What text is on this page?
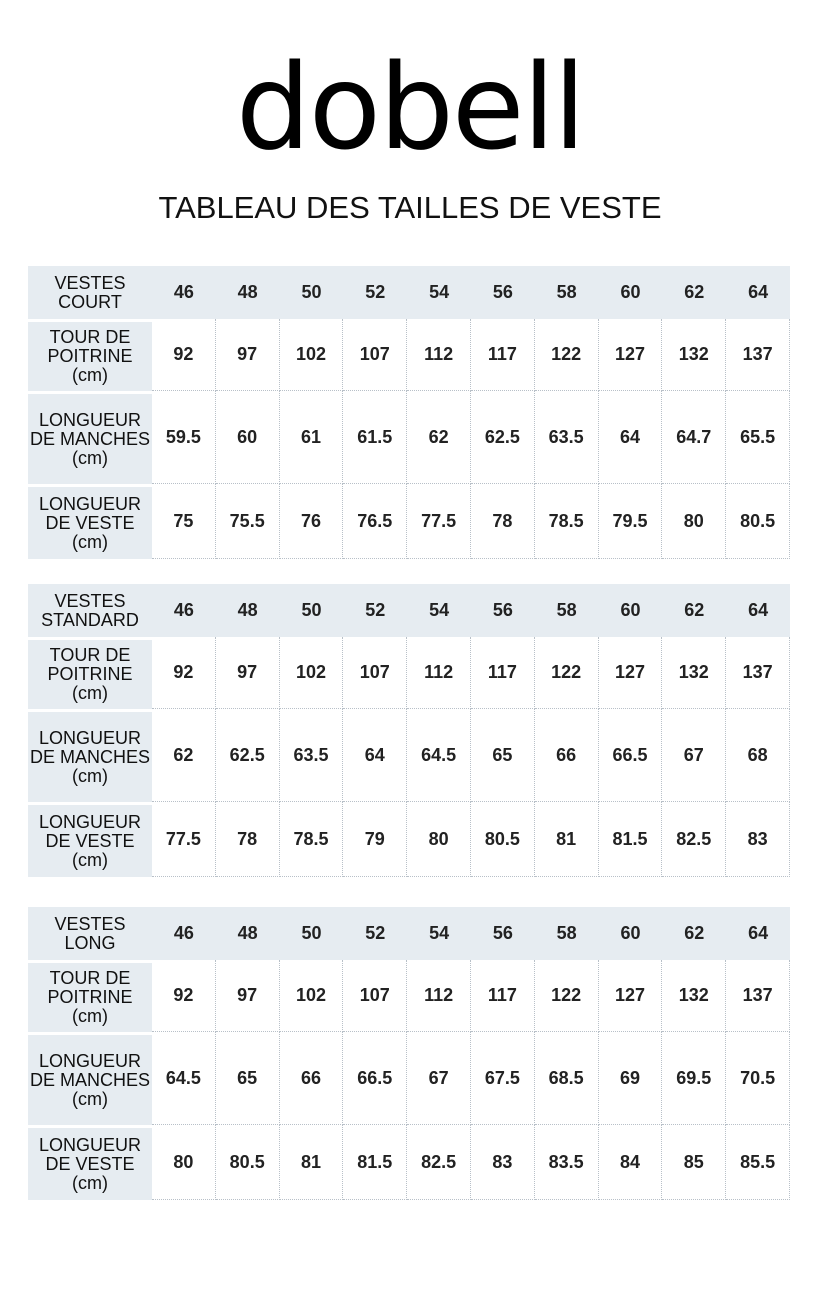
dobell
TABLEAU DES TAILLES DE VESTE
VESTES COURT	46	48	50	52	54	56	58	60	62	64
TOUR DE POITRINE (cm)	92	97	102	107	112	117	122	127	132	137
LONGUEUR DE MANCHES (cm)	59.5	60	61	61.5	62	62.5	63.5	64	64.7	65.5
LONGUEUR DE VESTE (cm)	75	75.5	76	76.5	77.5	78	78.5	79.5	80	80.5
VESTES STANDARD	46	48	50	52	54	56	58	60	62	64
TOUR DE POITRINE (cm)	92	97	102	107	112	117	122	127	132	137
LONGUEUR DE MANCHES (cm)	62	62.5	63.5	64	64.5	65	66	66.5	67	68
LONGUEUR DE VESTE (cm)	77.5	78	78.5	79	80	80.5	81	81.5	82.5	83
VESTES LONG	46	48	50	52	54	56	58	60	62	64
TOUR DE POITRINE (cm)	92	97	102	107	112	117	122	127	132	137
LONGUEUR DE MANCHES (cm)	64.5	65	66	66.5	67	67.5	68.5	69	69.5	70.5
LONGUEUR DE VESTE (cm)	80	80.5	81	81.5	82.5	83	83.5	84	85	85.5
